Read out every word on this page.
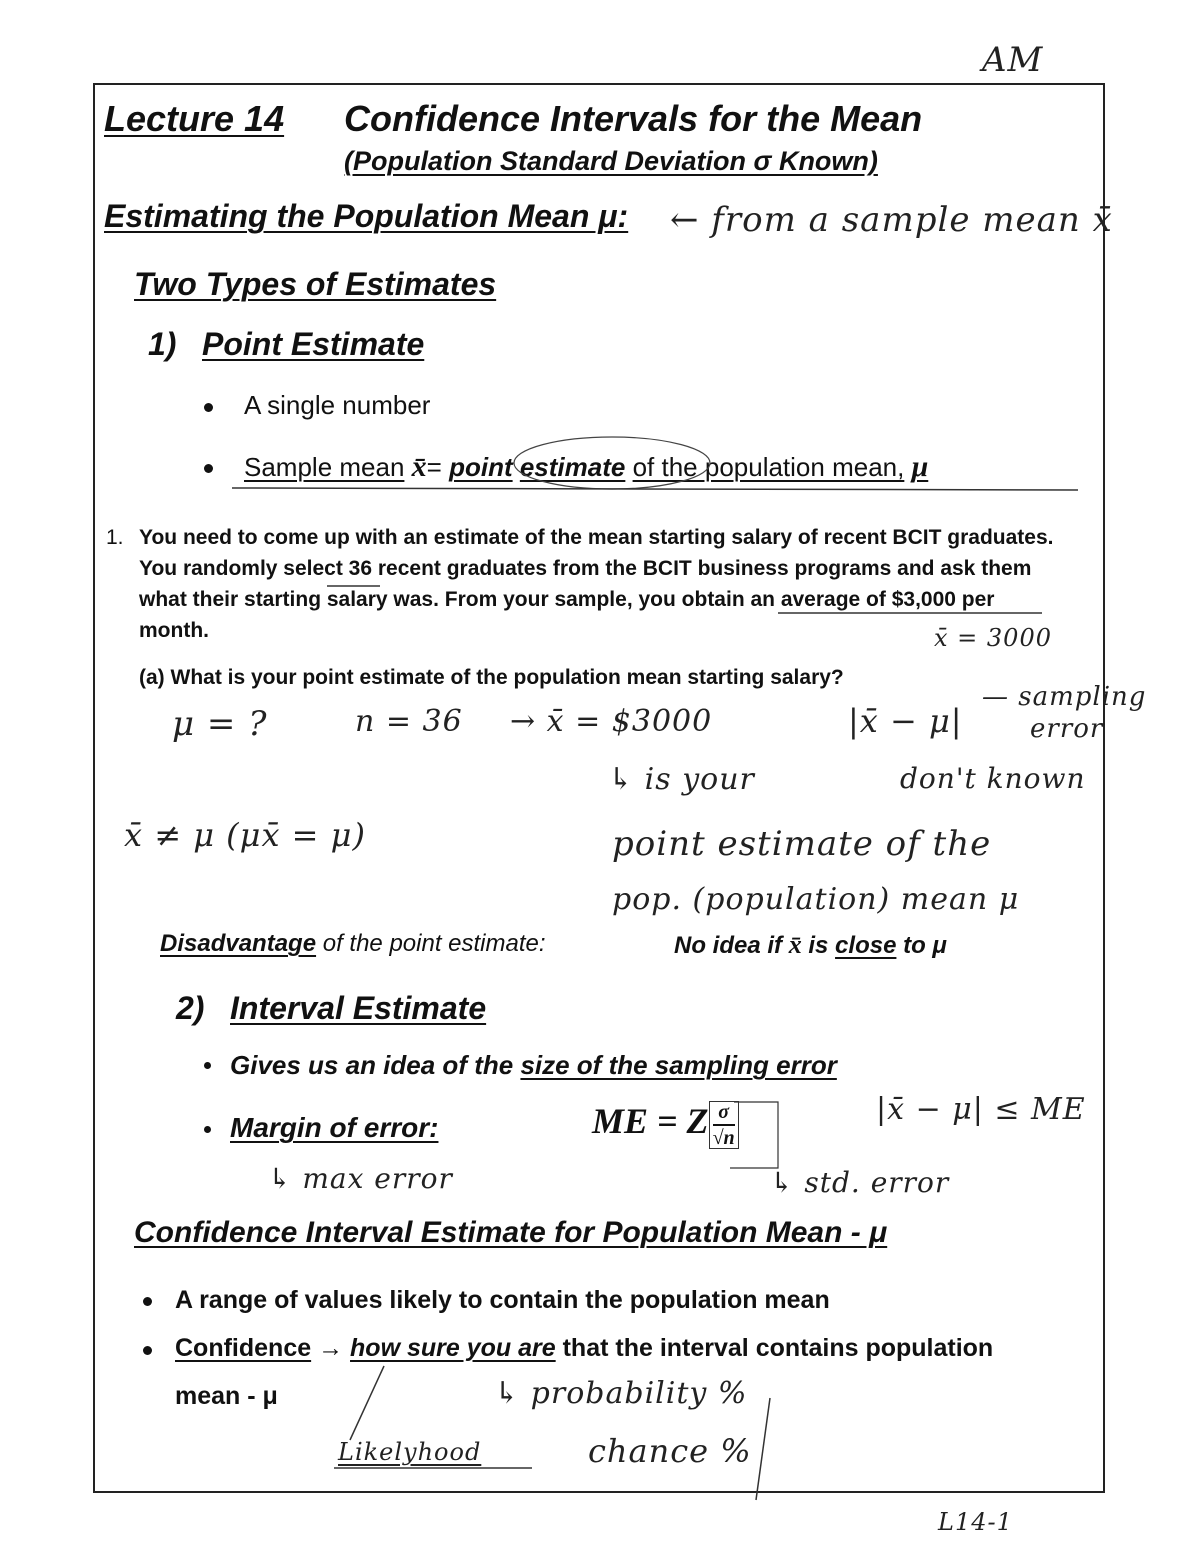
AM
Lecture 14 Confidence Intervals for the Mean
(Population Standard Deviation σ Known)
Estimating the Population Mean μ: ← from a sample mean x̄
Two Types of Estimates
1) Point Estimate
A single number
Sample mean x̄= point estimate of the population mean, μ
1. You need to come up with an estimate of the mean starting salary of recent BCIT graduates.
You randomly select 36 recent graduates from the BCIT business programs and ask them
what their starting salary was. From your sample, you obtain an average of $3,000 per
month.	x̄ = 3000
(a) What is your point estimate of the population mean starting salary?
μ = ?	n = 36 → x̄ = $3000	|x̄ − μ|
— sampling
error
↳ is your	don't known
point estimate of the
pop. (population) mean μ
x̄ ≠ μ (μx̄ = μ)
Disadvantage of the point estimate:	No idea if x̄ is close to μ
2) Interval Estimate
Gives us an idea of the size of the sampling error
Margin of error:	ME = Z $\frac{\sigma}{√n}$	|x̄ − μ| ≤ ME
↳ max error	↳ std. error
Confidence Interval Estimate for Population Mean - μ
A range of values likely to contain the population mean
Confidence → how sure you are that the interval contains population
mean - μ	↳ probability %
Likelyhood	chance %
L14-1
